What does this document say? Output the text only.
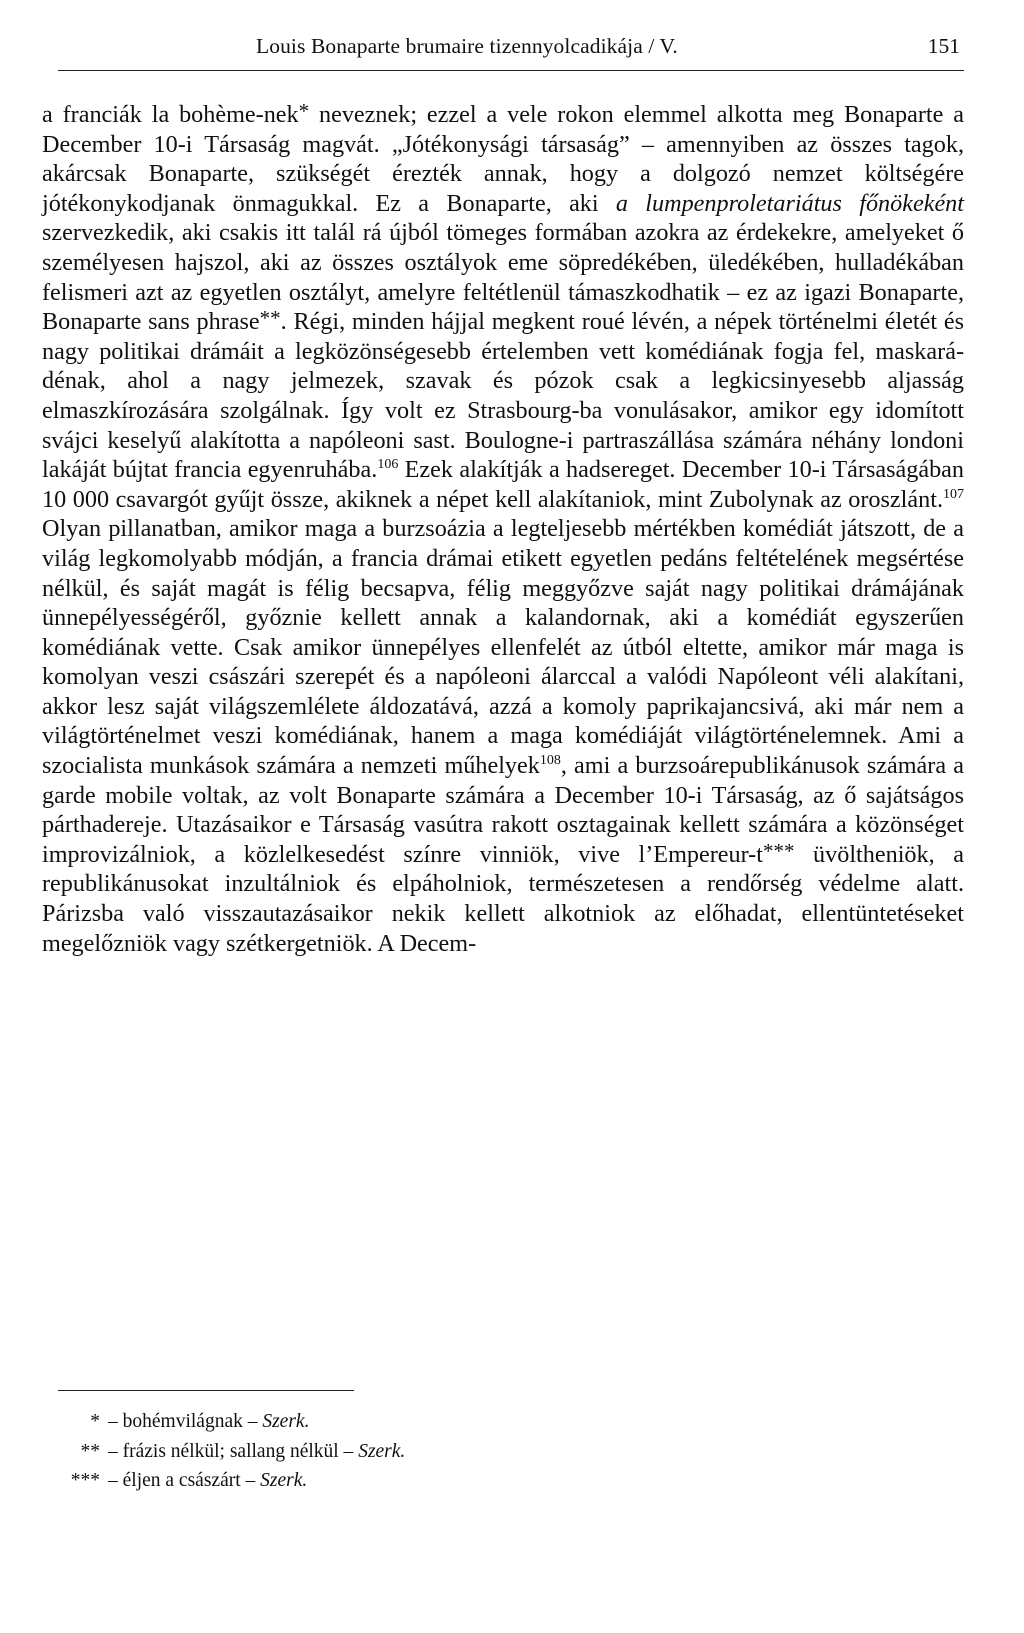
Louis Bonaparte brumaire tizennyolcadikája / V.	151
a franciák la bohème-nek* neveznek; ezzel a vele rokon elemmel alkotta meg Bonaparte a December 10-i Társaság magvát. „Jótékonysági társaság” – amennyiben az összes tagok, akárcsak Bonaparte, szükségét érezték annak, hogy a dolgozó nemzet költségére jótékonykodjanak önmagukkal. Ez a Bonaparte, aki a lumpenproletariátus főnökeként szervezkedik, aki csakis itt talál rá újból tömeges formában azokra az érdekekre, amelyeket ő személyesen hajszol, aki az összes osztályok eme söpredékében, üledékében, hulladékában felismeri azt az egyetlen osztályt, amelyre feltétlenül támaszkodhatik – ez az igazi Bonaparte, Bonaparte sans phrase**. Régi, minden hájjal megkent roué lévén, a népek történelmi életét és nagy politikai drámáit a legközönségesebb értelemben vett komédiának fogja fel, maskarádénak, ahol a nagy jelmezek, szavak és pózok csak a legkicsinyesebb aljasság elmaszkírozására szolgálnak. Így volt ez Strasbourg-ba vonulásakor, amikor egy idomított svájci keselyű alakította a napóleoni sast. Boulogne-i partraszállása számára néhány londoni lakáját bújtat francia egyenruhába.$^{106}$ Ezek alakítják a hadsereget. December 10-i Társaságában 10 000 csavargót gyűjt össze, akiknek a népet kell alakítaniok, mint Zubolynak az oroszlánt.$^{107}$ Olyan pillanatban, amikor maga a burzsoázia a legteljesebb mértékben komédiát játszott, de a világ legkomolyabb módján, a francia drámai etikett egyetlen pedáns feltételének megsértése nélkül, és saját magát is félig becsapva, félig meggyőzve saját nagy politikai drámájának ünnepélyességéről, győznie kellett annak a kalandornak, aki a komédiát egyszerűen komédiának vette. Csak amikor ünnepélyes ellenfelét az útból eltette, amikor már maga is komolyan veszi császári szerepét és a napóleoni álarccal a valódi Napóleont véli alakítani, akkor lesz saját világszemlélete áldozatává, azzá a komoly paprikajancsivá, aki már nem a világtörténelmet veszi komédiának, hanem a maga komédiáját világtörténelemnek. Ami a szocialista munkások számára a nemzeti műhelyek$^{108}$, ami a burzsoárepublikánusok számára a garde mobile voltak, az volt Bonaparte számára a December 10-i Társaság, az ő sajátságos párthadereje. Utazásaikor e Társaság vasútra rakott osztagainak kellett számára a közönséget improvizálniok, a közlelkesedést színre vinniök, vive l’Empereur-t*** üvöltheniök, a republikánusokat inzultálniok és elpáholniok, természetesen a rendőrség védelme alatt. Párizsba való visszautazásaikor nekik kellett alkotniok az előhadat, ellentüntetéseket megelőzniök vagy szétkergetniök. A Decem-
* – bohémvilágnak – Szerk.
** – frázis nélkül; sallang nélkül – Szerk.
*** – éljen a császárt – Szerk.
